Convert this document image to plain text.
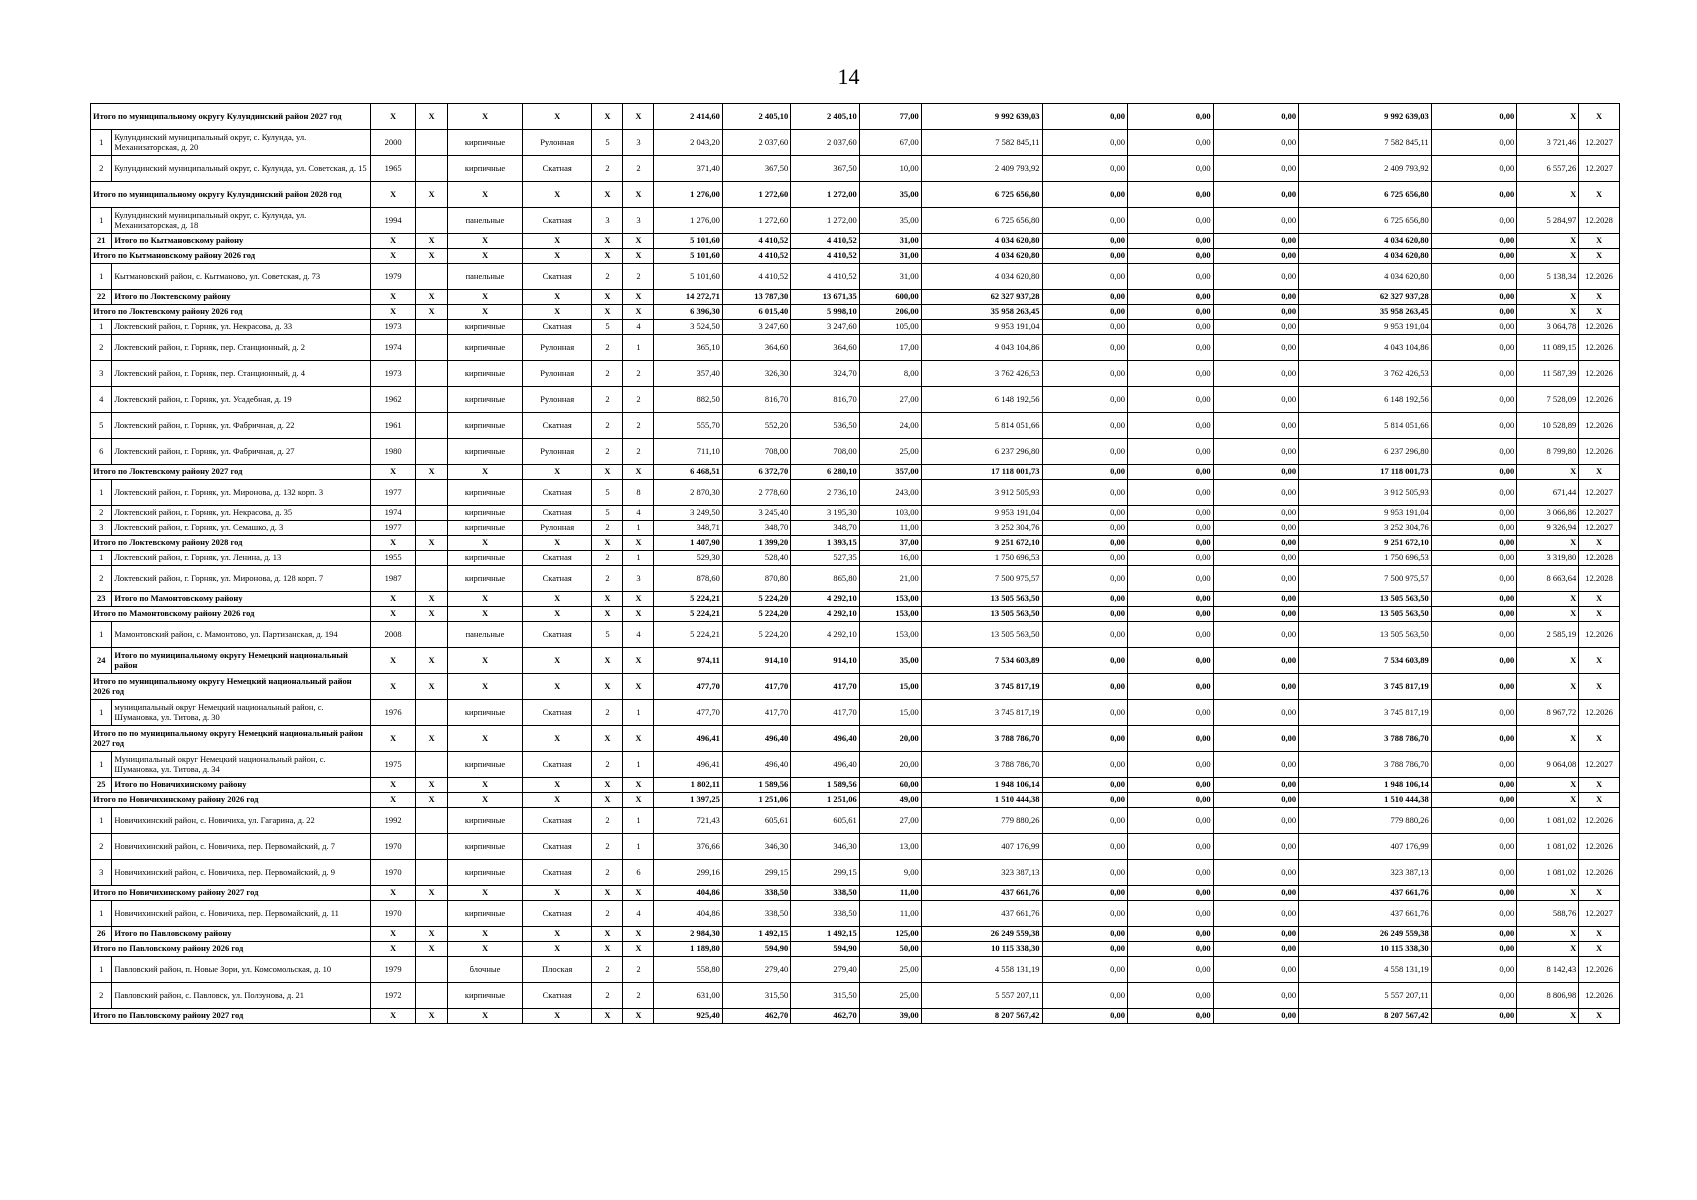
14
Итого по муниципальному округу Кулундинский район 2027 год		X	X	X	X	X	X	2 414,60	2 405,10	2 405,10	77,00	9 992 639,03	0,00	0,00	0,00	9 992 639,03	0,00	X	X
1	Кулундинский муниципальный округ, с. Кулунда, ул. Механизаторская, д. 20	2000		кирпичные	Рулонная	5	3	2 043,20	2 037,60	2 037,60	67,00	7 582 845,11	0,00	0,00	0,00	7 582 845,11	0,00	3 721,46	12.2027
2	Кулундинский муниципальный округ, с. Кулунда, ул. Советская, д. 15	1965		кирпичные	Скатная	2	2	371,40	367,50	367,50	10,00	2 409 793,92	0,00	0,00	0,00	2 409 793,92	0,00	6 557,26	12.2027
Итого по муниципальному округу Кулундинский район 2028 год		X	X	X	X	X	X	1 276,00	1 272,60	1 272,00	35,00	6 725 656,80	0,00	0,00	0,00	6 725 656,80	0,00	X	X
1	Кулундинский муниципальный округ, с. Кулунда, ул. Механизаторская, д. 18	1994		панельные	Скатная	3	3	1 276,00	1 272,60	1 272,00	35,00	6 725 656,80	0,00	0,00	0,00	6 725 656,80	0,00	5 284,97	12.2028
21	Итого по Кытмановскому району	X	X	X	X	X	X	5 101,60	4 410,52	4 410,52	31,00	4 034 620,80	0,00	0,00	0,00	4 034 620,80	0,00	X	X
Итого по Кытмановскому району 2026 год		X	X	X	X	X	X	5 101,60	4 410,52	4 410,52	31,00	4 034 620,80	0,00	0,00	0,00	4 034 620,80	0,00	X	X
1	Кытмановский район, с. Кытманово, ул. Советская, д. 73	1979		панельные	Скатная	2	2	5 101,60	4 410,52	4 410,52	31,00	4 034 620,80	0,00	0,00	0,00	4 034 620,80	0,00	5 138,34	12.2026
22	Итого по Локтевскому району	X	X	X	X	X	X	14 272,71	13 787,30	13 671,35	600,00	62 327 937,28	0,00	0,00	0,00	62 327 937,28	0,00	X	X
Итого по Локтевскому району 2026 год		X	X	X	X	X	X	6 396,30	6 015,40	5 998,10	206,00	35 958 263,45	0,00	0,00	0,00	35 958 263,45	0,00	X	X
1	Локтевский район, г. Горняк, ул. Некрасова, д. 33	1973		кирпичные	Скатная	5	4	3 524,50	3 247,60	3 247,60	105,00	9 953 191,04	0,00	0,00	0,00	9 953 191,04	0,00	3 064,78	12.2026
2	Локтевский район, г. Горняк, пер. Станционный, д. 2	1974		кирпичные	Рулонная	2	1	365,10	364,60	364,60	17,00	4 043 104,86	0,00	0,00	0,00	4 043 104,86	0,00	11 089,15	12.2026
3	Локтевский район, г. Горняк, пер. Станционный, д. 4	1973		кирпичные	Рулонная	2	2	357,40	326,30	324,70	8,00	3 762 426,53	0,00	0,00	0,00	3 762 426,53	0,00	11 587,39	12.2026
4	Локтевский район, г. Горняк, ул. Усадебная, д. 19	1962		кирпичные	Рулонная	2	2	882,50	816,70	816,70	27,00	6 148 192,56	0,00	0,00	0,00	6 148 192,56	0,00	7 528,09	12.2026
5	Локтевский район, г. Горняк, ул. Фабричная, д. 22	1961		кирпичные	Скатная	2	2	555,70	552,20	536,50	24,00	5 814 051,66	0,00	0,00	0,00	5 814 051,66	0,00	10 528,89	12.2026
6	Локтевский район, г. Горняк, ул. Фабричная, д. 27	1980		кирпичные	Рулонная	2	2	711,10	708,00	708,00	25,00	6 237 296,80	0,00	0,00	0,00	6 237 296,80	0,00	8 799,80	12.2026
Итого по Локтевскому району 2027 год		X	X	X	X	X	X	6 468,51	6 372,70	6 280,10	357,00	17 118 001,73	0,00	0,00	0,00	17 118 001,73	0,00	X	X
1	Локтевский район, г. Горняк, ул. Миронова, д. 132 корп. 3	1977		кирпичные	Скатная	5	8	2 870,30	2 778,60	2 736,10	243,00	3 912 505,93	0,00	0,00	0,00	3 912 505,93	0,00	671,44	12.2027
2	Локтевский район, г. Горняк, ул. Некрасова, д. 35	1974		кирпичные	Скатная	5	4	3 249,50	3 245,40	3 195,30	103,00	9 953 191,04	0,00	0,00	0,00	9 953 191,04	0,00	3 066,86	12.2027
3	Локтевский район, г. Горняк, ул. Семашко, д. 3	1977		кирпичные	Рулонная	2	1	348,71	348,70	348,70	11,00	3 252 304,76	0,00	0,00	0,00	3 252 304,76	0,00	9 326,94	12.2027
Итого по Локтевскому району 2028 год		X	X	X	X	X	X	1 407,90	1 399,20	1 393,15	37,00	9 251 672,10	0,00	0,00	0,00	9 251 672,10	0,00	X	X
1	Локтевский район, г. Горняк, ул. Ленина, д. 13	1955		кирпичные	Скатная	2	1	529,30	528,40	527,35	16,00	1 750 696,53	0,00	0,00	0,00	1 750 696,53	0,00	3 319,80	12.2028
2	Локтевский район, г. Горняк, ул. Миронова, д. 128 корп. 7	1987		кирпичные	Скатная	2	3	878,60	870,80	865,80	21,00	7 500 975,57	0,00	0,00	0,00	7 500 975,57	0,00	8 663,64	12.2028
23	Итого по Мамонтовскому району	X	X	X	X	X	X	5 224,21	5 224,20	4 292,10	153,00	13 505 563,50	0,00	0,00	0,00	13 505 563,50	0,00	X	X
Итого по Мамонтовскому району 2026 год		X	X	X	X	X	X	5 224,21	5 224,20	4 292,10	153,00	13 505 563,50	0,00	0,00	0,00	13 505 563,50	0,00	X	X
1	Мамонтовский район, с. Мамонтово, ул. Партизанская, д. 194	2008		панельные	Скатная	5	4	5 224,21	5 224,20	4 292,10	153,00	13 505 563,50	0,00	0,00	0,00	13 505 563,50	0,00	2 585,19	12.2026
24	Итого по муниципальному округу Немецкий национальный район	X	X	X	X	X	X	974,11	914,10	914,10	35,00	7 534 603,89	0,00	0,00	0,00	7 534 603,89	0,00	X	X
Итого по муниципальному округу Немецкий национальный район 2026 год		X	X	X	X	X	X	477,70	417,70	417,70	15,00	3 745 817,19	0,00	0,00	0,00	3 745 817,19	0,00	X	X
1	муниципальный округ Немецкий национальный район, с. Шумановка, ул. Титова, д. 30	1976		кирпичные	Скатная	2	1	477,70	417,70	417,70	15,00	3 745 817,19	0,00	0,00	0,00	3 745 817,19	0,00	8 967,72	12.2026
Итого по по муниципальному округу Немецкий национальный район 2027 год		X	X	X	X	X	X	496,41	496,40	496,40	20,00	3 788 786,70	0,00	0,00	0,00	3 788 786,70	0,00	X	X
1	Муниципальный округ Немецкий национальный район, с. Шумановка, ул. Титова, д. 34	1975		кирпичные	Скатная	2	1	496,41	496,40	496,40	20,00	3 788 786,70	0,00	0,00	0,00	3 788 786,70	0,00	9 064,08	12.2027
25	Итого по Новичихинскому району	X	X	X	X	X	X	1 802,11	1 589,56	1 589,56	60,00	1 948 106,14	0,00	0,00	0,00	1 948 106,14	0,00	X	X
Итого по Новичихинскому району 2026 год		X	X	X	X	X	X	1 397,25	1 251,06	1 251,06	49,00	1 510 444,38	0,00	0,00	0,00	1 510 444,38	0,00	X	X
1	Новичихинский район, с. Новичиха, ул. Гагарина, д. 22	1992		кирпичные	Скатная	2	1	721,43	605,61	605,61	27,00	779 880,26	0,00	0,00	0,00	779 880,26	0,00	1 081,02	12.2026
2	Новичихинский район, с. Новичиха, пер. Первомайский, д. 7	1970		кирпичные	Скатная	2	1	376,66	346,30	346,30	13,00	407 176,99	0,00	0,00	0,00	407 176,99	0,00	1 081,02	12.2026
3	Новичихинский район, с. Новичиха, пер. Первомайский, д. 9	1970		кирпичные	Скатная	2	6	299,16	299,15	299,15	9,00	323 387,13	0,00	0,00	0,00	323 387,13	0,00	1 081,02	12.2026
Итого по Новичихинскому району 2027 год		X	X	X	X	X	X	404,86	338,50	338,50	11,00	437 661,76	0,00	0,00	0,00	437 661,76	0,00	X	X
1	Новичихинский район, с. Новичиха, пер. Первомайский, д. 11	1970		кирпичные	Скатная	2	4	404,86	338,50	338,50	11,00	437 661,76	0,00	0,00	0,00	437 661,76	0,00	588,76	12.2027
26	Итого по Павловскому району	X	X	X	X	X	X	2 984,30	1 492,15	1 492,15	125,00	26 249 559,38	0,00	0,00	0,00	26 249 559,38	0,00	X	X
Итого по Павловскому району 2026 год		X	X	X	X	X	X	1 189,80	594,90	594,90	50,00	10 115 338,30	0,00	0,00	0,00	10 115 338,30	0,00	X	X
1	Павловский район, п. Новые Зори, ул. Комсомольская, д. 10	1979		блочные	Плоская	2	2	558,80	279,40	279,40	25,00	4 558 131,19	0,00	0,00	0,00	4 558 131,19	0,00	8 142,43	12.2026
2	Павловский район, с. Павловск, ул. Ползунова, д. 21	1972		кирпичные	Скатная	2	2	631,00	315,50	315,50	25,00	5 557 207,11	0,00	0,00	0,00	5 557 207,11	0,00	8 806,98	12.2026
Итого по Павловскому району 2027 год		X	X	X	X	X	X	925,40	462,70	462,70	39,00	8 207 567,42	0,00	0,00	0,00	8 207 567,42	0,00	X	X
